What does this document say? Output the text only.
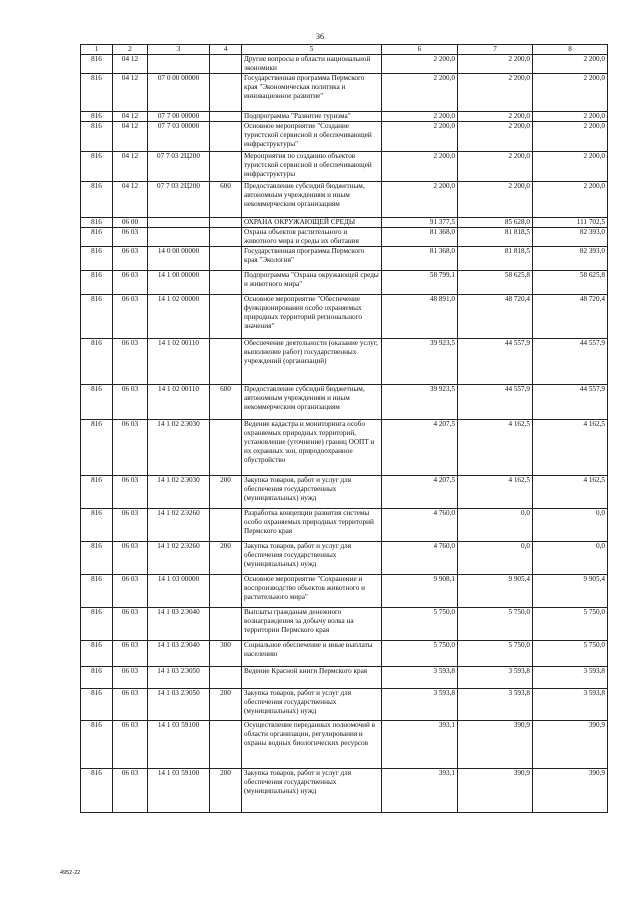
36
1	2	3	4	5	6	7	8
816	04 12			Другие вопросы в области национальной экономики	2 200,0	2 200,0	2 200,0
816	04 12	07 0 00 00000		Государственная программа Пермского края "Экономическая политика и инновационное развитие"	2 200,0	2 200,0	2 200,0
816	04 12	07 7 00 00000		Подпрограмма "Развитие туризма"	2 200,0	2 200,0	2 200,0
816	04 12	07 7 03 00000		Основное мероприятие "Создание туристской сервисной и обеспечивающей инфраструктуры"	2 200,0	2 200,0	2 200,0
816	04 12	07 7 03 2Ц200		Мероприятия по созданию объектов туристской сервисной и обеспечивающей инфраструктуры	2 200,0	2 200,0	2 200,0
816	04 12	07 7 03 2Ц200	600	Предоставление субсидий бюджетным, автономным учреждениям и иным некоммерческим организациям	2 200,0	2 200,0	2 200,0
816	06 00			ОХРАНА ОКРУЖАЮЩЕЙ СРЕДЫ	91 377,5	85 628,0	111 702,5
816	06 03			Охрана объектов растительного и животного мира и среды их обитания	81 368,0	81 818,5	82 393,0
816	06 03	14 0 00 00000		Государственная программа Пермского края "Экология"	81 368,0	81 818,5	82 393,0
816	06 03	14 1 00 00000		Подпрограмма "Охрана окружающей среды и животного мира"	58 799,1	58 625,8	58 625,8
816	06 03	14 1 02 00000		Основное мероприятие "Обеспечение функционирования особо охраняемых природных территорий регионального значения"	48 891,0	48 720,4	48 720,4
816	06 03	14 1 02 00110		Обеспечение деятельности (оказание услуг, выполнение работ) государственных учреждений (организаций)	39 923,5	44 557,9	44 557,9
816	06 03	14 1 02 00110	600	Предоставление субсидий бюджетным, автономным учреждениям и иным некоммерческим организациям	39 923,5	44 557,9	44 557,9
816	06 03	14 1 02 2Э030		Ведение кадастра и мониторинга особо охраняемых природных территорий, установление (уточнение) границ ООПТ и их охранных зон, природоохранное обустройство	4 207,5	4 162,5	4 162,5
816	06 03	14 1 02 2Э030	200	Закупка товаров, работ и услуг для обеспечения государственных (муниципальных) нужд	4 207,5	4 162,5	4 162,5
816	06 03	14 1 02 2Э260		Разработка концепции развития системы особо охраняемых природных территорий Пермского края	4 760,0	0,0	0,0
816	06 03	14 1 02 2Э260	200	Закупка товаров, работ и услуг для обеспечения государственных (муниципальных) нужд	4 760,0	0,0	0,0
816	06 03	14 1 03 00000		Основное мероприятие "Сохранение и воспроизводство объектов животного и растительного мира"	9 908,1	9 905,4	9 905,4
816	06 03	14 1 03 2Э040		Выплаты гражданам денежного вознаграждения за добычу волка на территории Пермского края	5 750,0	5 750,0	5 750,0
816	06 03	14 1 03 2Э040	300	Социальное обеспечение и иные выплаты населению	5 750,0	5 750,0	5 750,0
816	06 03	14 1 03 2Э050		Ведение Красной книги Пермского края	3 593,8	3 593,8	3 593,8
816	06 03	14 1 03 2Э050	200	Закупка товаров, работ и услуг для обеспечения государственных (муниципальных) нужд	3 593,8	3 593,8	3 593,8
816	06 03	14 1 03 59100		Осуществление переданных полномочий в области организации, регулирования и охраны водных биологических ресурсов	393,1	390,9	390,9
816	06 03	14 1 03 59100	200	Закупка товаров, работ и услуг для обеспечения государственных (муниципальных) нужд	393,1	390,9	390,9
4952-22
